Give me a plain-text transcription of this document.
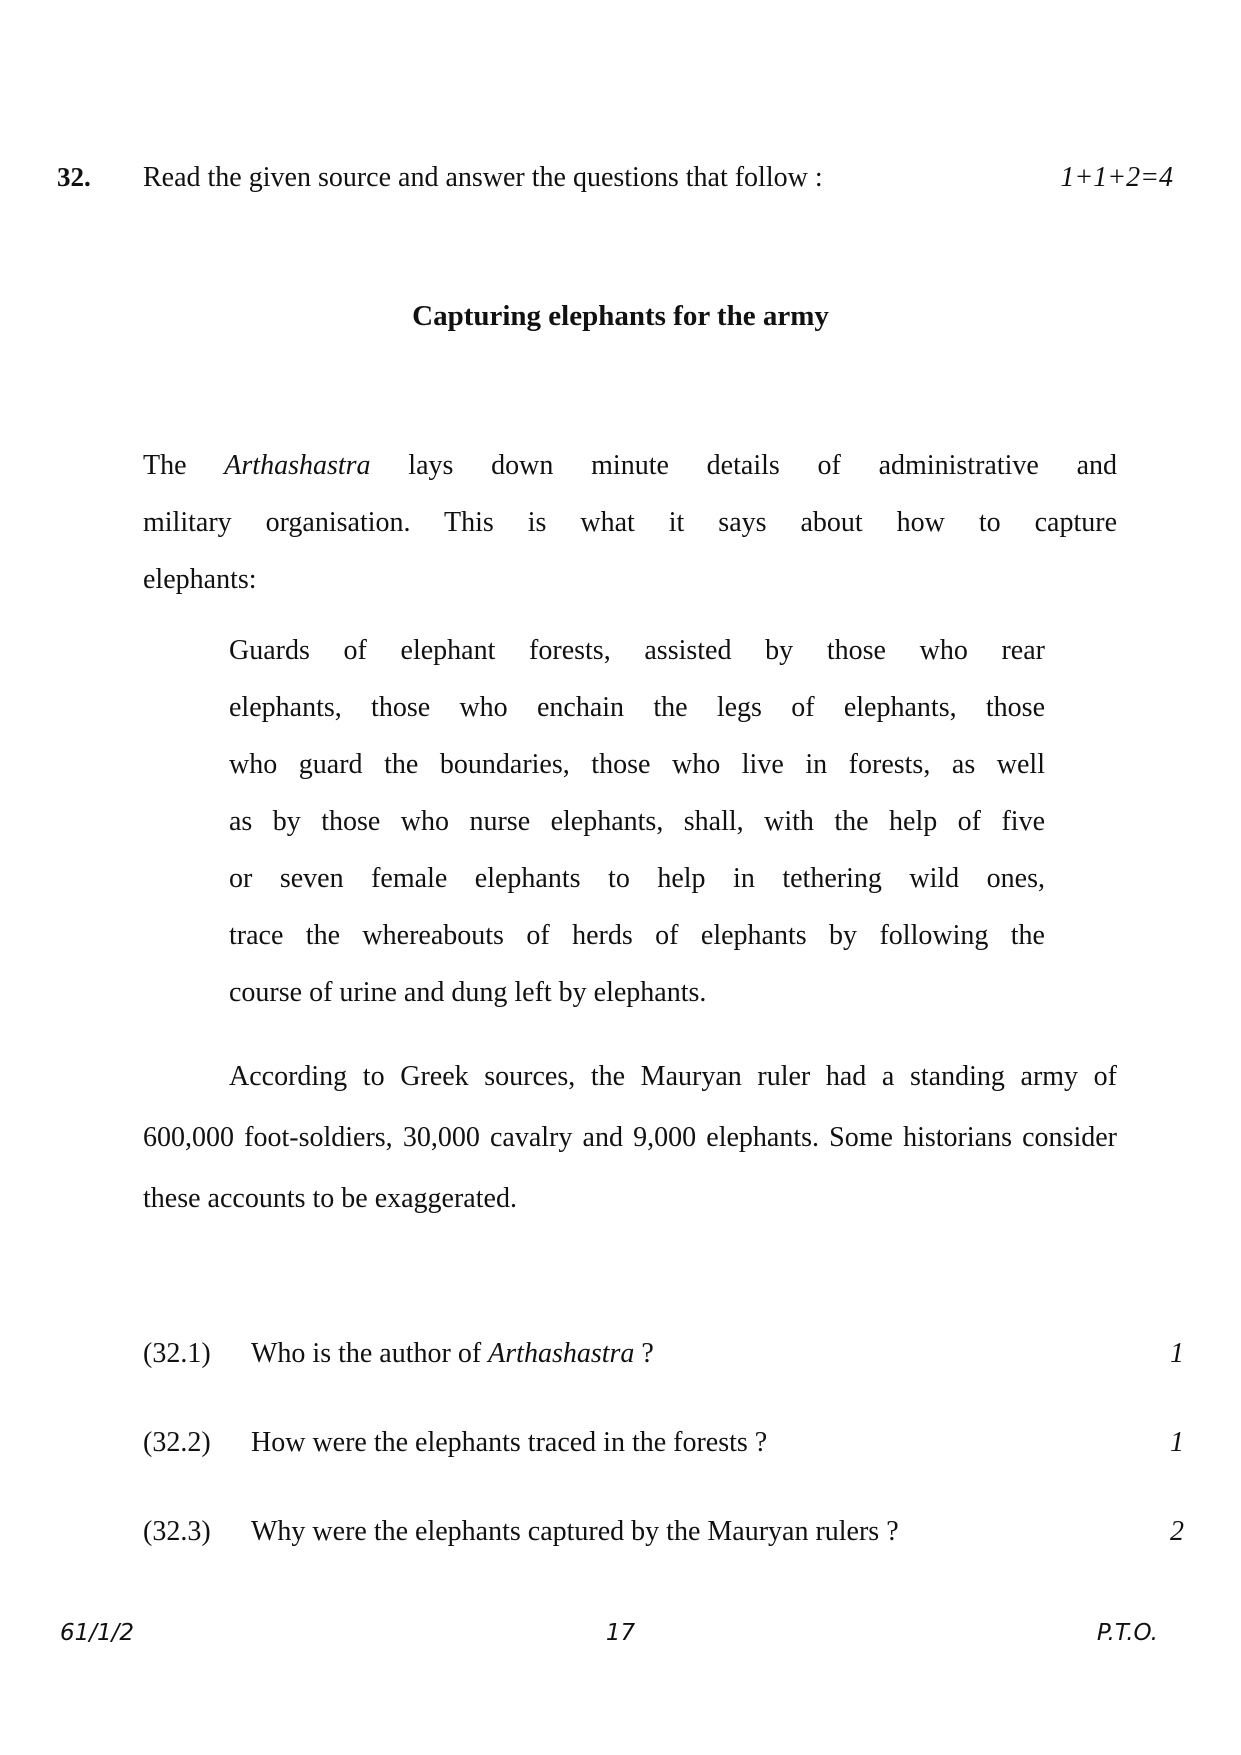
32. Read the given source and answer the questions that follow :	1+1+2=4
Capturing elephants for the army
The Arthashastra lays down minute details of administrative and
military organisation. This is what it says about how to capture
elephants:
Guards of elephant forests, assisted by those who rear
elephants, those who enchain the legs of elephants, those
who guard the boundaries, those who live in forests, as well
as by those who nurse elephants, shall, with the help of five
or seven female elephants to help in tethering wild ones,
trace the whereabouts of herds of elephants by following the
course of urine and dung left by elephants.
According to Greek sources, the Mauryan ruler had a standing army of 600,000 foot-soldiers, 30,000 cavalry and 9,000 elephants. Some historians consider these accounts to be exaggerated.
(32.1) Who is the author of Arthashastra ?	1
(32.2) How were the elephants traced in the forests ?	1
(32.3) Why were the elephants captured by the Mauryan rulers ?	2
61/1/2	17	P.T.O.
